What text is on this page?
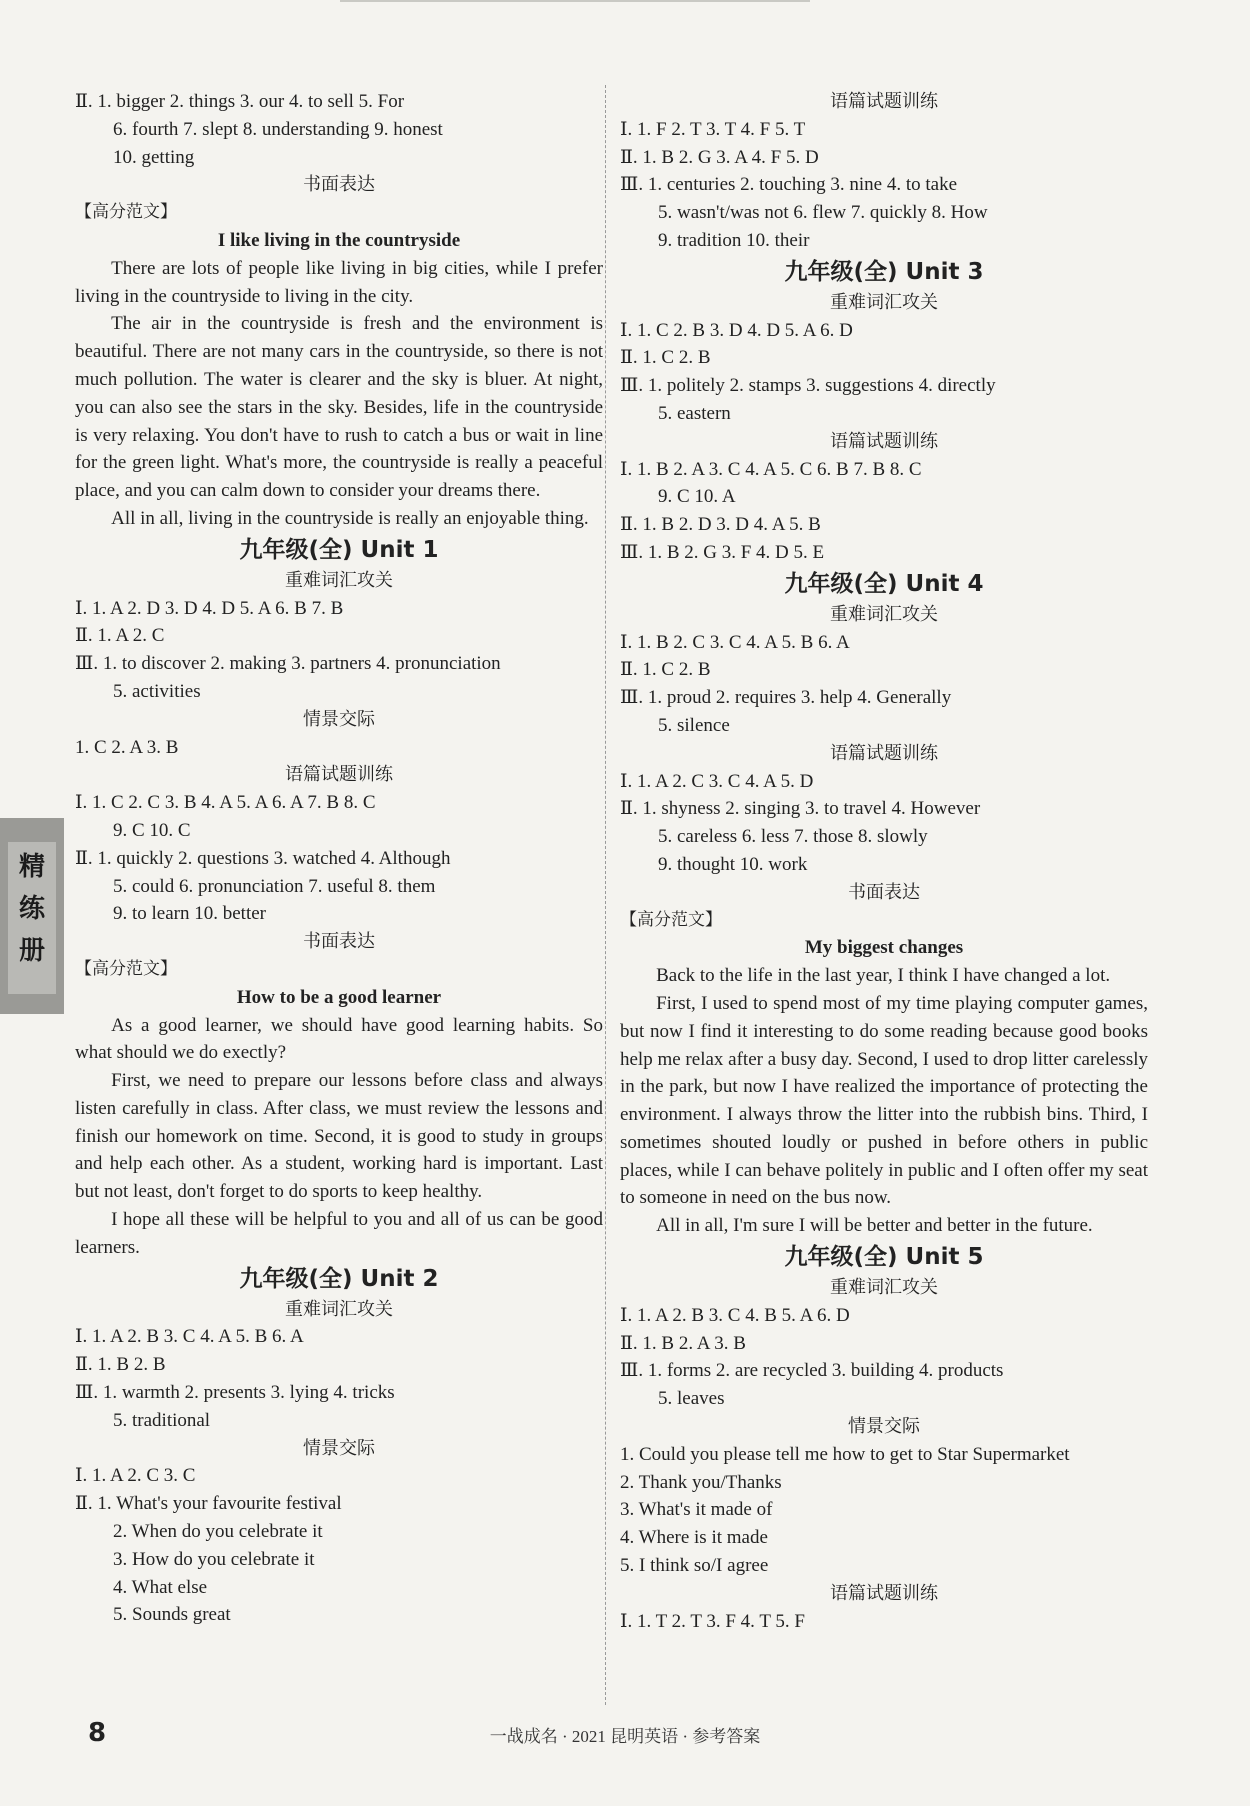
Ⅱ. 1. bigger 2. things 3. our 4. to sell 5. For
6. fourth 7. slept 8. understanding 9. honest
10. getting
书面表达
【高分范文】
I like living in the countryside
There are lots of people like living in big cities, while I prefer living in the countryside to living in the city.
The air in the countryside is fresh and the environment is beautiful. There are not many cars in the countryside, so there is not much pollution. The water is clearer and the sky is bluer. At night, you can also see the stars in the sky. Besides, life in the countryside is very relaxing. You don't have to rush to catch a bus or wait in line for the green light. What's more, the countryside is really a peaceful place, and you can calm down to consider your dreams there.
All in all, living in the countryside is really an enjoyable thing.
九年级(全) Unit 1
重难词汇攻关
Ⅰ. 1. A 2. D 3. D 4. D 5. A 6. B 7. B
Ⅱ. 1. A 2. C
Ⅲ. 1. to discover 2. making 3. partners 4. pronunciation
5. activities
情景交际
1. C 2. A 3. B
语篇试题训练
Ⅰ. 1. C 2. C 3. B 4. A 5. A 6. A 7. B 8. C
9. C 10. C
Ⅱ. 1. quickly 2. questions 3. watched 4. Although
5. could 6. pronunciation 7. useful 8. them
9. to learn 10. better
书面表达
【高分范文】
How to be a good learner
As a good learner, we should have good learning habits. So what should we do exectly?
First, we need to prepare our lessons before class and always listen carefully in class. After class, we must review the lessons and finish our homework on time. Second, it is good to study in groups and help each other. As a student, working hard is important. Last but not least, don't forget to do sports to keep healthy.
I hope all these will be helpful to you and all of us can be good learners.
九年级(全) Unit 2
重难词汇攻关
Ⅰ. 1. A 2. B 3. C 4. A 5. B 6. A
Ⅱ. 1. B 2. B
Ⅲ. 1. warmth 2. presents 3. lying 4. tricks
5. traditional
情景交际
Ⅰ. 1. A 2. C 3. C
Ⅱ. 1. What's your favourite festival
2. When do you celebrate it
3. How do you celebrate it
4. What else
5. Sounds great
语篇试题训练
Ⅰ. 1. F 2. T 3. T 4. F 5. T
Ⅱ. 1. B 2. G 3. A 4. F 5. D
Ⅲ. 1. centuries 2. touching 3. nine 4. to take
5. wasn't/was not 6. flew 7. quickly 8. How
9. tradition 10. their
九年级(全) Unit 3
重难词汇攻关
Ⅰ. 1. C 2. B 3. D 4. D 5. A 6. D
Ⅱ. 1. C 2. B
Ⅲ. 1. politely 2. stamps 3. suggestions 4. directly
5. eastern
语篇试题训练
Ⅰ. 1. B 2. A 3. C 4. A 5. C 6. B 7. B 8. C
9. C 10. A
Ⅱ. 1. B 2. D 3. D 4. A 5. B
Ⅲ. 1. B 2. G 3. F 4. D 5. E
九年级(全) Unit 4
重难词汇攻关
Ⅰ. 1. B 2. C 3. C 4. A 5. B 6. A
Ⅱ. 1. C 2. B
Ⅲ. 1. proud 2. requires 3. help 4. Generally
5. silence
语篇试题训练
Ⅰ. 1. A 2. C 3. C 4. A 5. D
Ⅱ. 1. shyness 2. singing 3. to travel 4. However
5. careless 6. less 7. those 8. slowly
9. thought 10. work
书面表达
【高分范文】
My biggest changes
Back to the life in the last year, I think I have changed a lot.
First, I used to spend most of my time playing computer games, but now I find it interesting to do some reading because good books help me relax after a busy day. Second, I used to drop litter carelessly in the park, but now I have realized the importance of protecting the environment. I always throw the litter into the rubbish bins. Third, I sometimes shouted loudly or pushed in before others in public places, while I can behave politely in public and I often offer my seat to someone in need on the bus now.
All in all, I'm sure I will be better and better in the future.
九年级(全) Unit 5
重难词汇攻关
Ⅰ. 1. A 2. B 3. C 4. B 5. A 6. D
Ⅱ. 1. B 2. A 3. B
Ⅲ. 1. forms 2. are recycled 3. building 4. products
5. leaves
情景交际
1. Could you please tell me how to get to Star Supermarket
2. Thank you/Thanks
3. What's it made of
4. Where is it made
5. I think so/I agree
语篇试题训练
Ⅰ. 1. T 2. T 3. F 4. T 5. F
精
练
册
8	一战成名 · 2021 昆明英语 · 参考答案
